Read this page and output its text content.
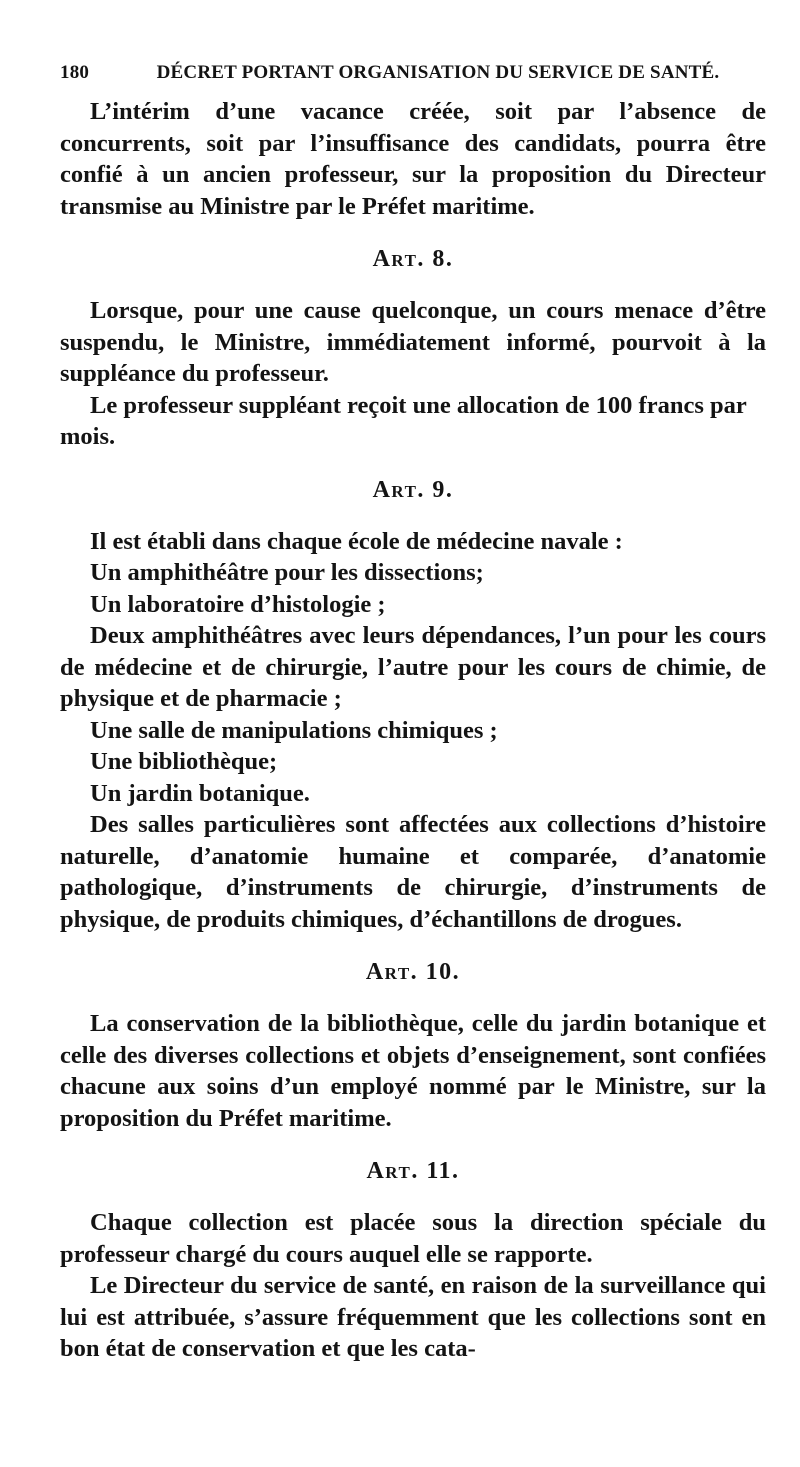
180	DÉCRET PORTANT ORGANISATION DU SERVICE DE SANTÉ.

L’intérim d’une vacance créée, soit par l’absence de concurrents, soit par l’insuffisance des candidats, pourra être confié à un ancien professeur, sur la proposition du Directeur transmise au Ministre par le Préfet maritime.

Art. 8.

Lorsque, pour une cause quelconque, un cours menace d’être suspendu, le Ministre, immédiatement informé, pourvoit à la suppléance du professeur.

Le professeur suppléant reçoit une allocation de 100 francs par mois.

Art. 9.

Il est établi dans chaque école de médecine navale :

Un amphithéâtre pour les dissections;

Un laboratoire d’histologie ;

Deux amphithéâtres avec leurs dépendances, l’un pour les cours de médecine et de chirurgie, l’autre pour les cours de chimie, de physique et de pharmacie ;

Une salle de manipulations chimiques ;

Une bibliothèque;

Un jardin botanique.

Des salles particulières sont affectées aux collections d’histoire naturelle, d’anatomie humaine et comparée, d’anatomie pathologique, d’instruments de chirurgie, d’instruments de physique, de produits chimiques, d’échantillons de drogues.

Art. 10.

La conservation de la bibliothèque, celle du jardin botanique et celle des diverses collections et objets d’enseignement, sont confiées chacune aux soins d’un employé nommé par le Ministre, sur la proposition du Préfet maritime.

Art. 11.

Chaque collection est placée sous la direction spéciale du professeur chargé du cours auquel elle se rapporte.

Le Directeur du service de santé, en raison de la surveillance qui lui est attribuée, s’assure fréquemment que les collections sont en bon état de conservation et que les cata-
